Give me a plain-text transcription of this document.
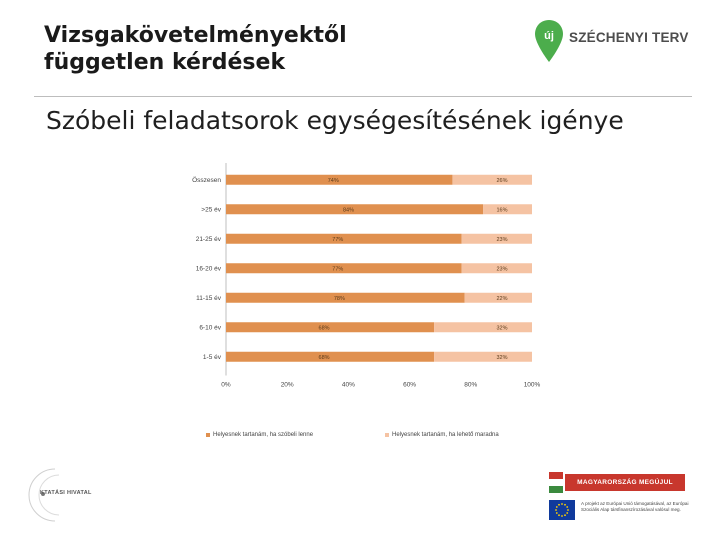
Vizsgakövetelményektől
független kérdések
új SZÉCHENYI TERV
Szóbeli feladatsorok egységesítésének igénye
Összesen	74%	26%
>25 év	84%	16%
21-25 év	77%	23%
16-20 év	77%	23%
11-15 év	78%	22%
6-10 év	68%	32%
1-5 év	68%	32%
0%	20%	40%	60%	80%	100%
Helyesnek tartanám, ha szóbeli lenne	Helyesnek tartanám, ha lehető maradna
KTATÁSI HIVATAL
MAGYARORSZÁG MEGÚJUL
A projekt az Európai Unió támogatásával, az Európai Szociális Alap társfinanszírozásával valósul meg.
